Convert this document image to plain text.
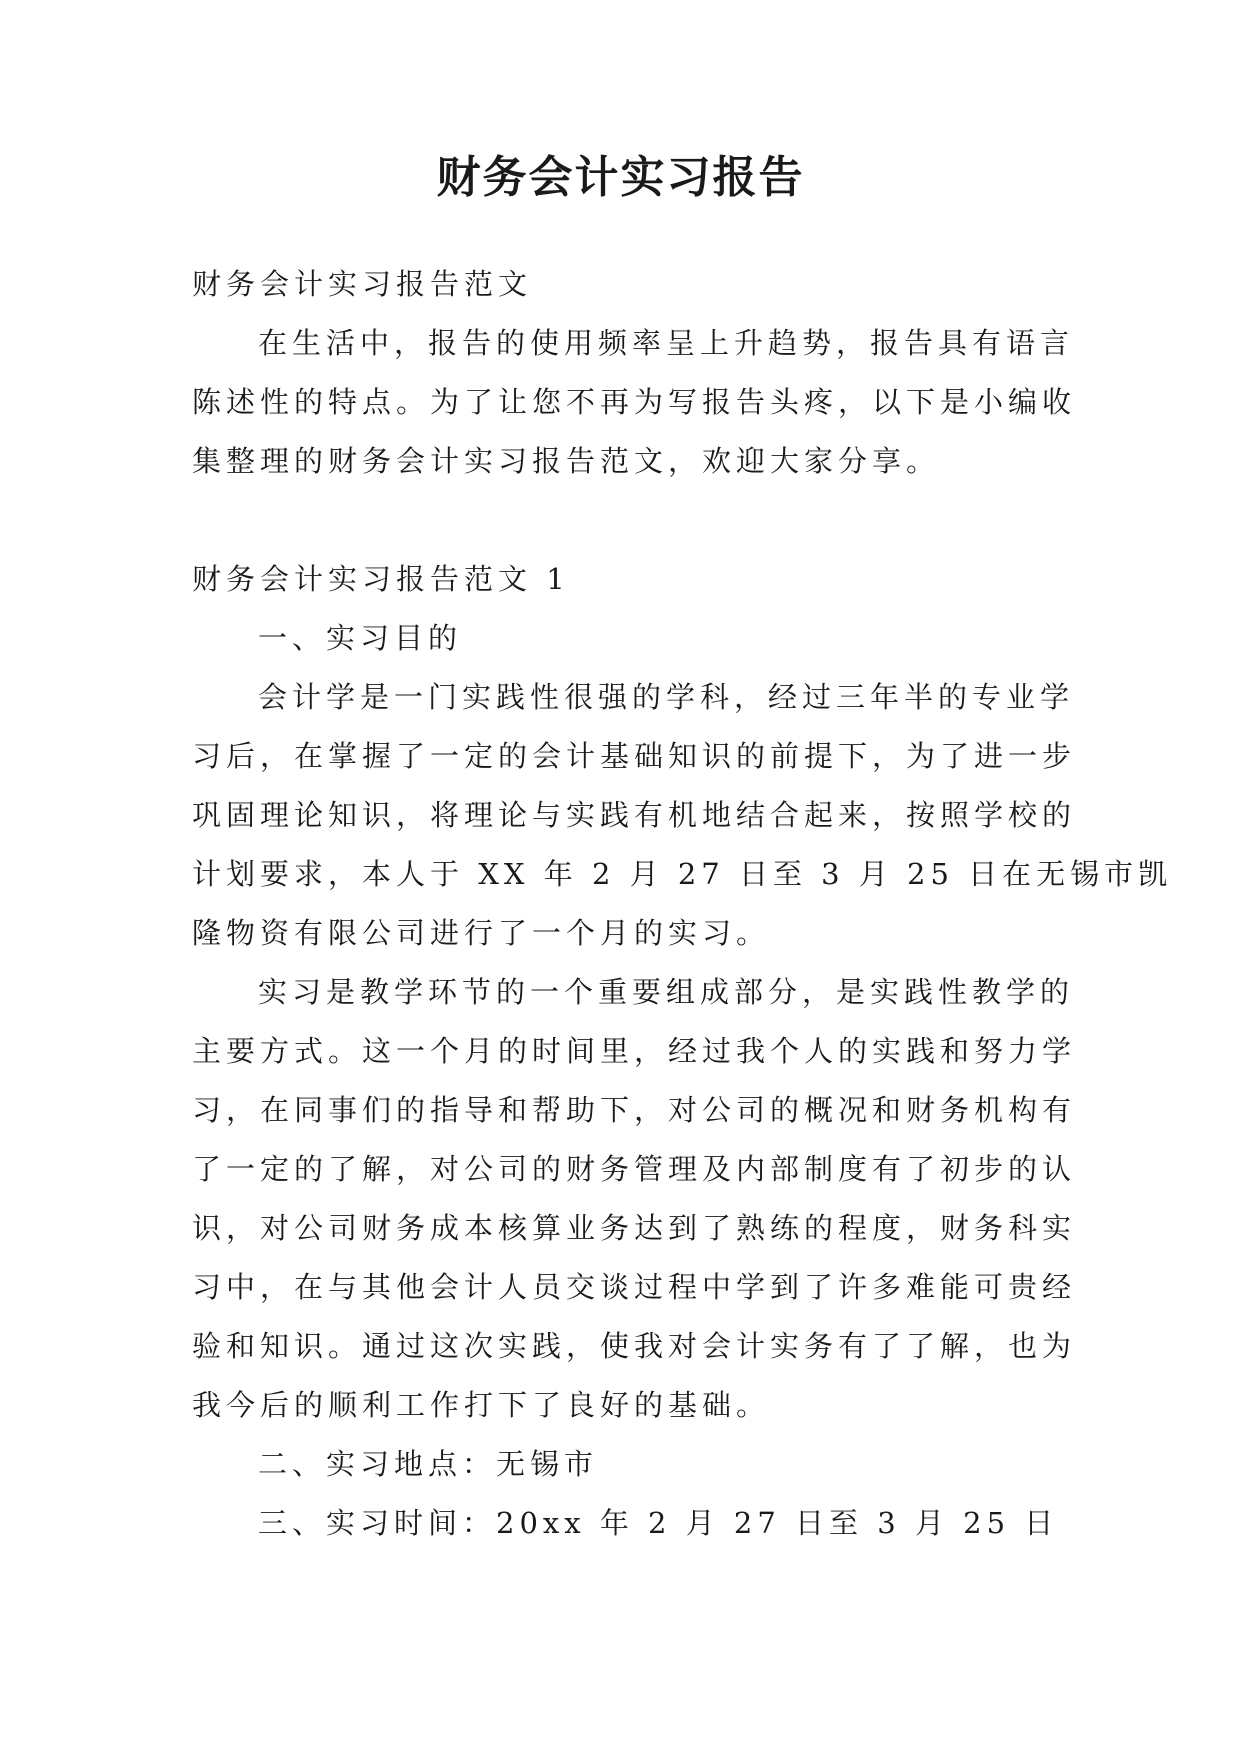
财务会计实习报告
财务会计实习报告范文
在生活中，报告的使用频率呈上升趋势，报告具有语言
陈述性的特点。为了让您不再为写报告头疼，以下是小编收
集整理的财务会计实习报告范文，欢迎大家分享。
财务会计实习报告范文 1
一、实习目的
会计学是一门实践性很强的学科，经过三年半的专业学
习后，在掌握了一定的会计基础知识的前提下，为了进一步
巩固理论知识，将理论与实践有机地结合起来，按照学校的
计划要求，本人于 XX 年 2 月 27 日至 3 月 25 日在无锡市凯
隆物资有限公司进行了一个月的实习。
实习是教学环节的一个重要组成部分，是实践性教学的
主要方式。这一个月的时间里，经过我个人的实践和努力学
习，在同事们的指导和帮助下，对公司的概况和财务机构有
了一定的了解，对公司的财务管理及内部制度有了初步的认
识，对公司财务成本核算业务达到了熟练的程度，财务科实
习中，在与其他会计人员交谈过程中学到了许多难能可贵经
验和知识。通过这次实践，使我对会计实务有了了解，也为
我今后的顺利工作打下了良好的基础。
二、实习地点：无锡市
三、实习时间：20xx 年 2 月 27 日至 3 月 25 日
